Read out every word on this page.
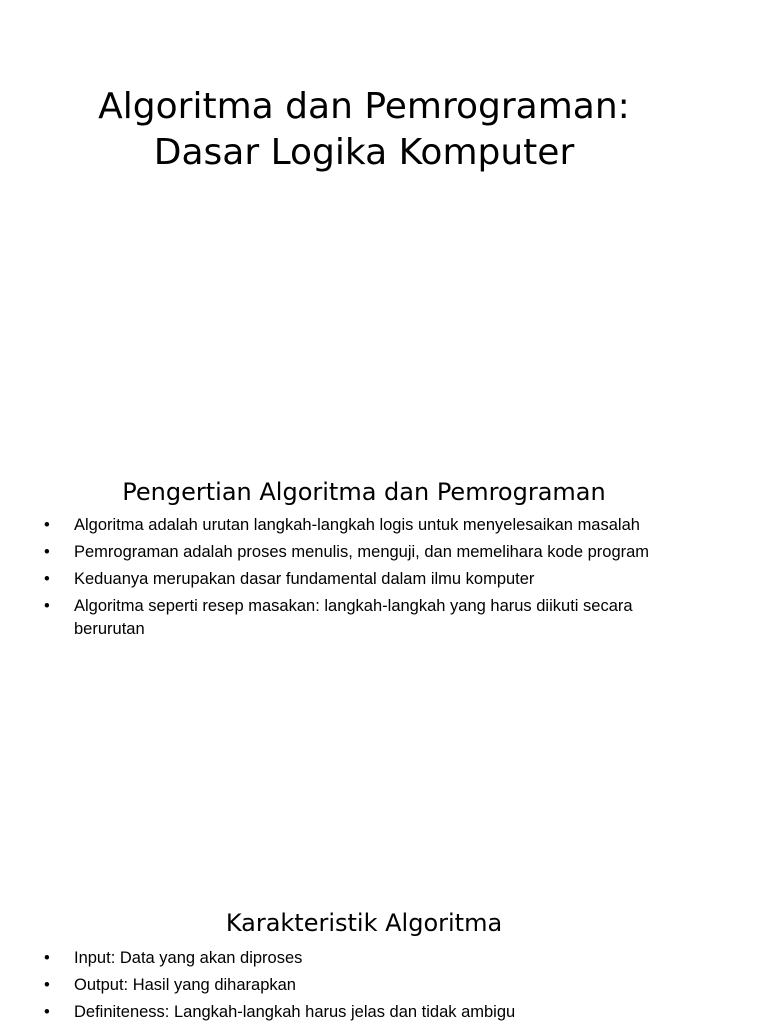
Algoritma dan Pemrograman:
Dasar Logika Komputer
Pengertian Algoritma dan Pemrograman
•	Algoritma adalah urutan langkah-langkah logis untuk menyelesaikan masalah
•	Pemrograman adalah proses menulis, menguji, dan memelihara kode program
•	Keduanya merupakan dasar fundamental dalam ilmu komputer
•	Algoritma seperti resep masakan: langkah-langkah yang harus diikuti secara berurutan
Karakteristik Algoritma
•	Input: Data yang akan diproses
•	Output: Hasil yang diharapkan
•	Definiteness: Langkah-langkah harus jelas dan tidak ambigu
